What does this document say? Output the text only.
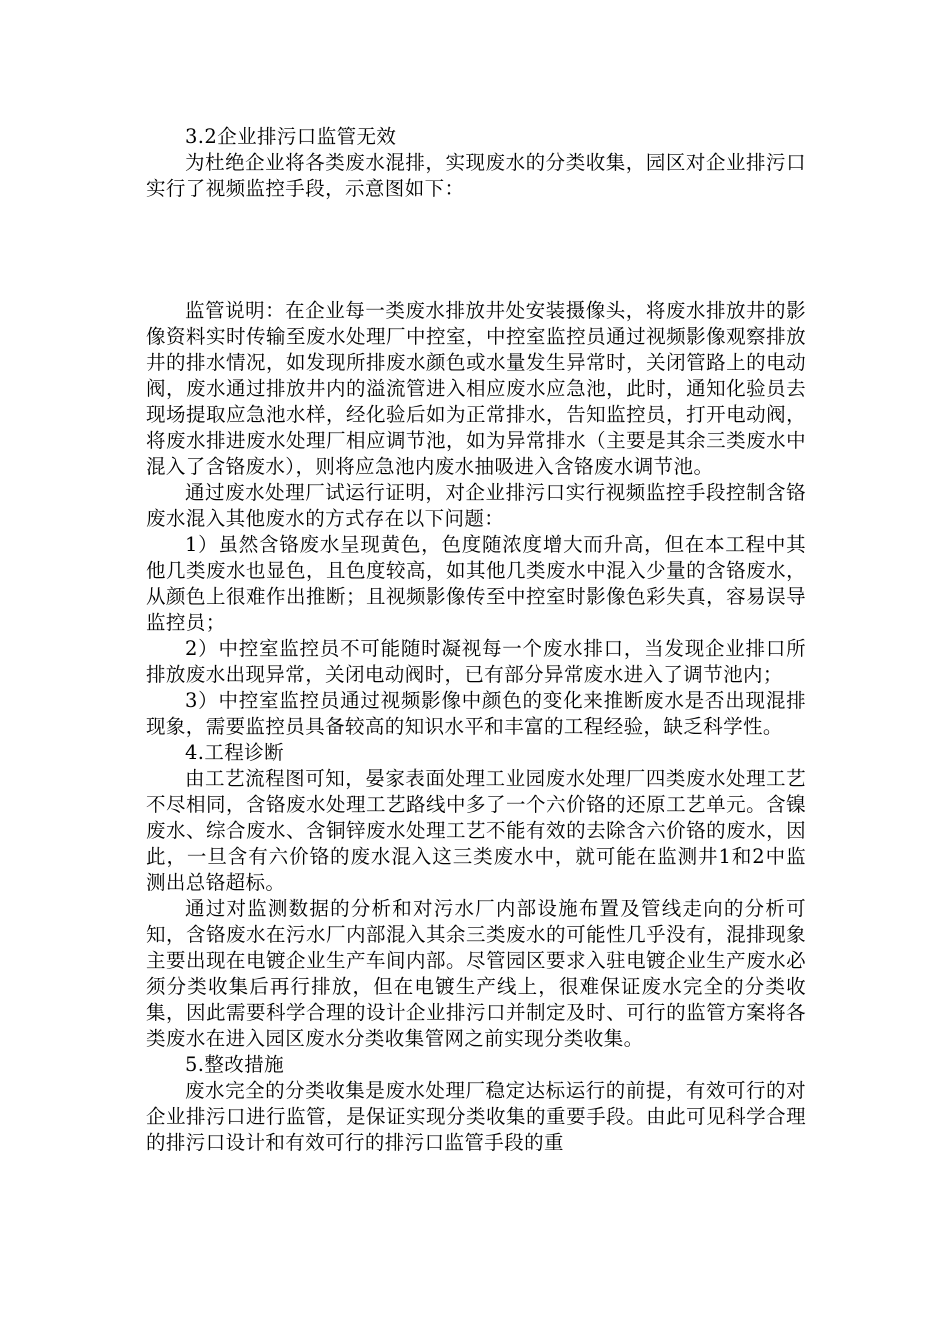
3.2企业排污口监管无效

为杜绝企业将各类废水混排，实现废水的分类收集，园区对企业排污口实行了视频监控手段，示意图如下：

监管说明：在企业每一类废水排放井处安装摄像头，将废水排放井的影像资料实时传输至废水处理厂中控室，中控室监控员通过视频影像观察排放井的排水情况，如发现所排废水颜色或水量发生异常时，关闭管路上的电动阀，废水通过排放井内的溢流管进入相应废水应急池，此时，通知化验员去现场提取应急池水样，经化验后如为正常排水，告知监控员，打开电动阀，将废水排进废水处理厂相应调节池，如为异常排水（主要是其余三类废水中混入了含铬废水），则将应急池内废水抽吸进入含铬废水调节池。

通过废水处理厂试运行证明，对企业排污口实行视频监控手段控制含铬废水混入其他废水的方式存在以下问题：

1）虽然含铬废水呈现黄色，色度随浓度增大而升高，但在本工程中其他几类废水也显色，且色度较高，如其他几类废水中混入少量的含铬废水，从颜色上很难作出推断；且视频影像传至中控室时影像色彩失真，容易误导监控员；

2）中控室监控员不可能随时凝视每一个废水排口，当发现企业排口所排放废水出现异常，关闭电动阀时，已有部分异常废水进入了调节池内；

3）中控室监控员通过视频影像中颜色的变化来推断废水是否出现混排现象，需要监控员具备较高的知识水平和丰富的工程经验，缺乏科学性。

4.工程诊断

由工艺流程图可知，晏家表面处理工业园废水处理厂四类废水处理工艺不尽相同，含铬废水处理工艺路线中多了一个六价铬的还原工艺单元。含镍废水、综合废水、含铜锌废水处理工艺不能有效的去除含六价铬的废水，因此，一旦含有六价铬的废水混入这三类废水中，就可能在监测井1和2中监测出总铬超标。

通过对监测数据的分析和对污水厂内部设施布置及管线走向的分析可知，含铬废水在污水厂内部混入其余三类废水的可能性几乎没有，混排现象主要出现在电镀企业生产车间内部。尽管园区要求入驻电镀企业生产废水必须分类收集后再行排放，但在电镀生产线上，很难保证废水完全的分类收集，因此需要科学合理的设计企业排污口并制定及时、可行的监管方案将各类废水在进入园区废水分类收集管网之前实现分类收集。

5.整改措施

废水完全的分类收集是废水处理厂稳定达标运行的前提，有效可行的对企业排污口进行监管，是保证实现分类收集的重要手段。由此可见科学合理的排污口设计和有效可行的排污口监管手段的重
